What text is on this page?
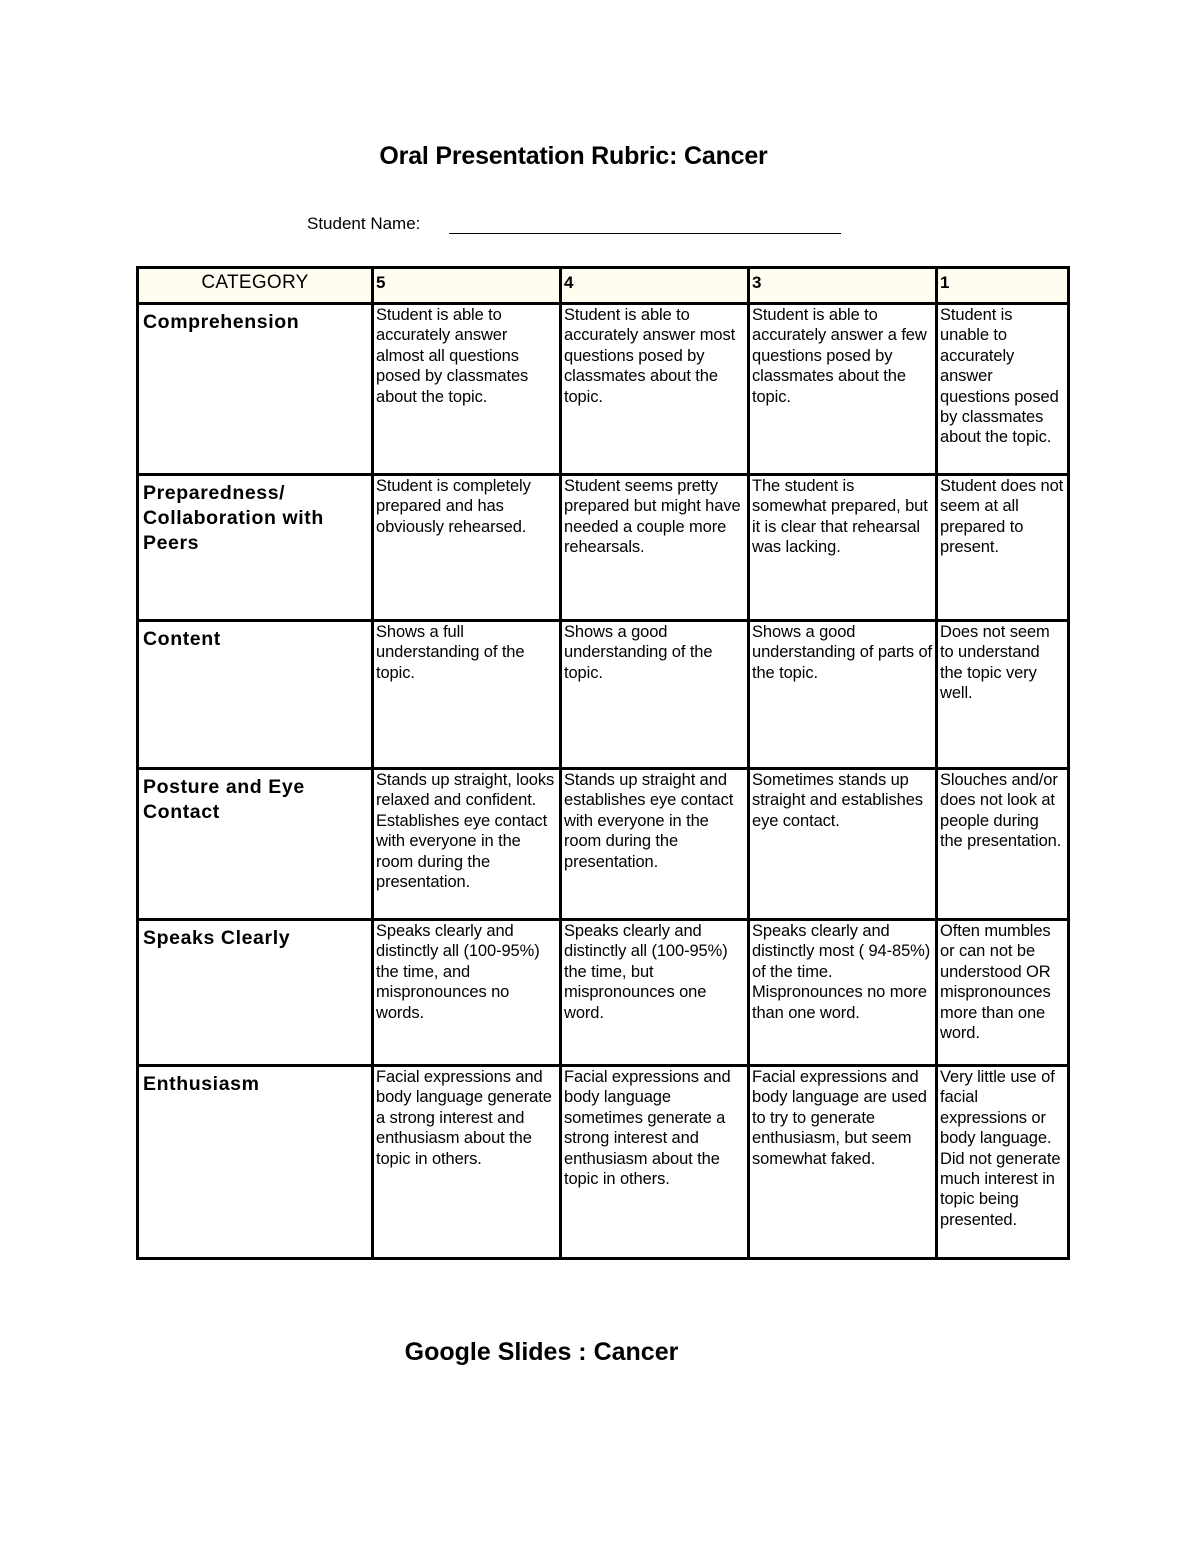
Oral Presentation Rubric: Cancer
Student Name:
CATEGORY	5	4	3	1
Comprehension	Student is able to accurately answer almost all questions posed by classmates about the topic.	Student is able to accurately answer most questions posed by classmates about the topic.	Student is able to accurately answer a few questions posed by classmates about the topic.	Student is unable to accurately answer questions posed by classmates about the topic.
Preparedness/ Collaboration with Peers	Student is completely prepared and has obviously rehearsed.	Student seems pretty prepared but might have needed a couple more rehearsals.	The student is somewhat prepared, but it is clear that rehearsal was lacking.	Student does not seem at all prepared to present.
Content	Shows a full understanding of the topic.	Shows a good understanding of the topic.	Shows a good understanding of parts of the topic.	Does not seem to understand the topic very well.
Posture and Eye Contact	Stands up straight, looks relaxed and confident. Establishes eye contact with everyone in the room during the presentation.	Stands up straight and establishes eye contact with everyone in the room during the presentation.	Sometimes stands up straight and establishes eye contact.	Slouches and/or does not look at people during the presentation.
Speaks Clearly	Speaks clearly and distinctly all (100-95%) the time, and mispronounces no words.	Speaks clearly and distinctly all (100-95%) the time, but mispronounces one word.	Speaks clearly and distinctly most ( 94-85%) of the time. Mispronounces no more than one word.	Often mumbles or can not be understood OR mispronounces more than one word.
Enthusiasm	Facial expressions and body language generate a strong interest and enthusiasm about the topic in others.	Facial expressions and body language sometimes generate a strong interest and enthusiasm about the topic in others.	Facial expressions and body language are used to try to generate enthusiasm, but seem somewhat faked.	Very little use of facial expressions or body language. Did not generate much interest in topic being presented.
Google Slides : Cancer
